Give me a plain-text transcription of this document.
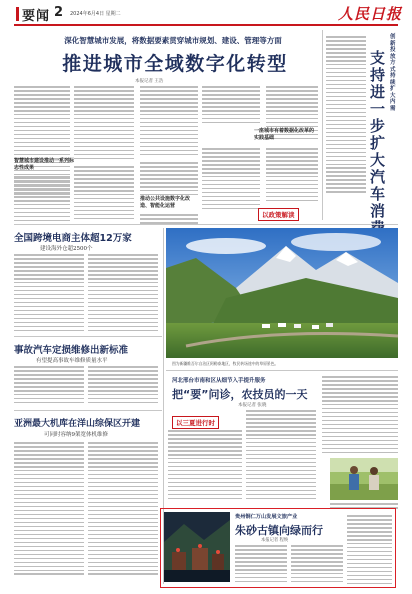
要闻 2 2024年6月4日 星期二	人民日报
深化智慧城市发展，将数据要素贯穿城市规划、建设、管理等方面
推进城市全域数字化转型
本报记者 王浩
智慧城市建设推动一系列标志性成果
推动公共设施数字化改造、智能化运营
一座城市有着数据化改革的实践基础
以政策解读
创新投放方式持续扩大内需
支持进一步扩大汽车消
全国跨境电商主体超12万家
建设海外仓超2500个
事故汽车定损维修出新标准
有望提高事故车维修质量水平
亚洲最大机库在洋山综保区开建
可同时容纳9架宽体机维修
图为新疆维吾尔自治区阿勒泰地区，牧民转场途中的草原景色。
河北邢台市南和区从细节入手提升服务
把“要”问诊，农技员的一天
本报记者 张晓
以三夏进行时
贵州铜仁万山发展文旅产业
朱砂古镇向绿而行
本报记者 程焕
